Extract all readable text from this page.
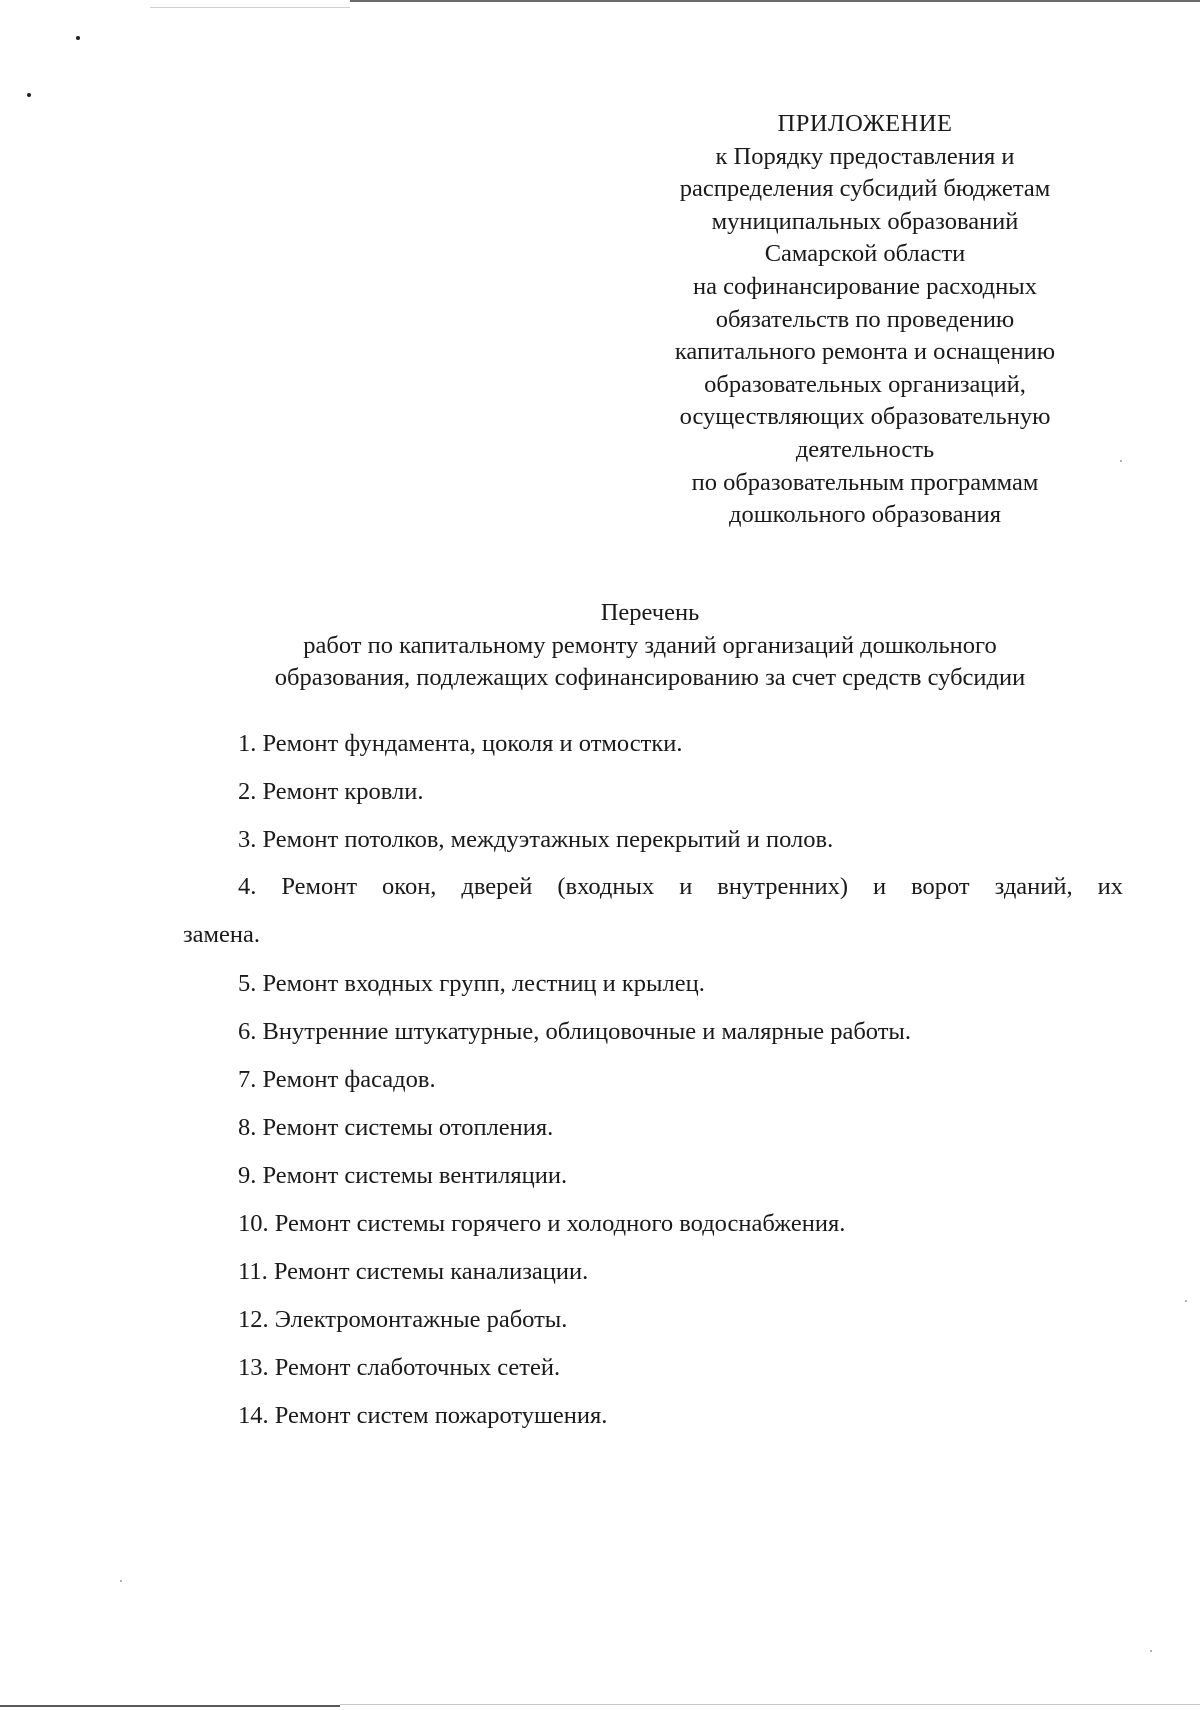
ПРИЛОЖЕНИЕ
к Порядку предоставления и
распределения субсидий бюджетам
муниципальных образований
Самарской области
на софинансирование расходных
обязательств по проведению
капитального ремонта и оснащению
образовательных организаций,
осуществляющих образовательную
деятельность
по образовательным программам
дошкольного образования
Перечень
работ по капитальному ремонту зданий организаций дошкольного
образования, подлежащих софинансированию за счет средств субсидии
1. Ремонт фундамента, цоколя и отмостки.
2. Ремонт кровли.
3. Ремонт потолков, междуэтажных перекрытий и полов.
4. Ремонт окон, дверей (входных и внутренних) и ворот зданий, их
замена.
5. Ремонт входных групп, лестниц и крылец.
6. Внутренние штукатурные, облицовочные и малярные работы.
7. Ремонт фасадов.
8. Ремонт системы отопления.
9. Ремонт системы вентиляции.
10. Ремонт системы горячего и холодного водоснабжения.
11. Ремонт системы канализации.
12. Электромонтажные работы.
13. Ремонт слаботочных сетей.
14. Ремонт систем пожаротушения.
